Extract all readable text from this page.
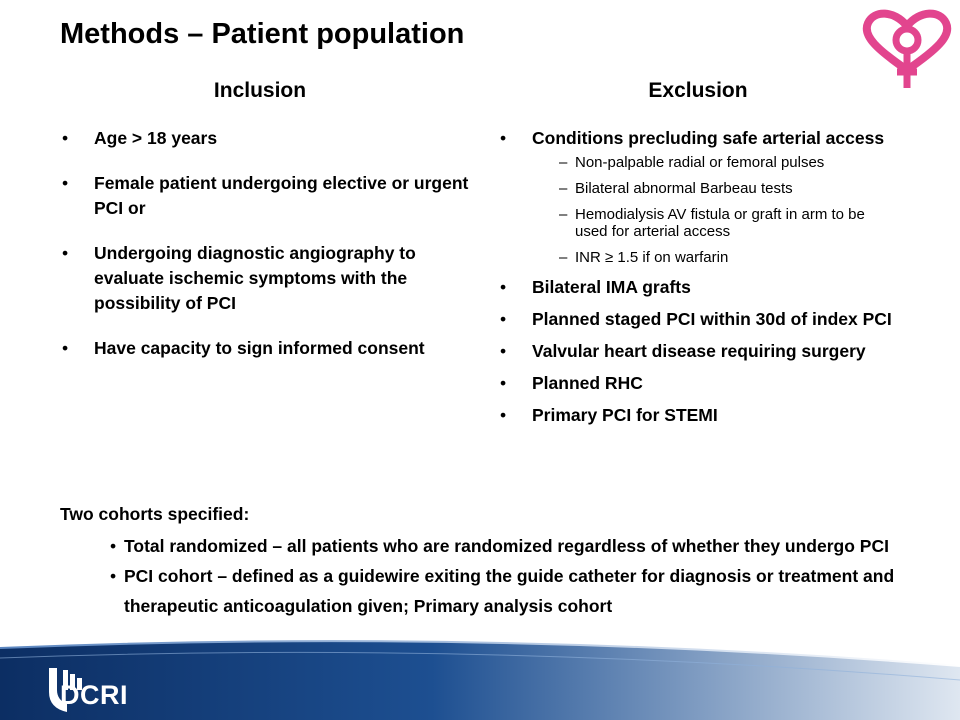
Methods – Patient population
Inclusion	Exclusion
• Age > 18 years
• Female patient undergoing elective or urgent PCI or
• Undergoing diagnostic angiography to evaluate ischemic symptoms with the possibility of PCI
• Have capacity to sign informed consent
• Conditions precluding safe arterial access
– Non-palpable radial or femoral pulses
– Bilateral abnormal Barbeau tests
– Hemodialysis AV fistula or graft in arm to be used for arterial access
– INR ≥ 1.5 if on warfarin
• Bilateral IMA grafts
• Planned staged PCI within 30d of index PCI
• Valvular heart disease requiring surgery
• Planned RHC
• Primary PCI for STEMI
Two cohorts specified:
• Total randomized – all patients who are randomized regardless of whether they undergo PCI
• PCI cohort – defined as a guidewire exiting the guide catheter for diagnosis or treatment and therapeutic anticoagulation given; Primary analysis cohort
DCRI
